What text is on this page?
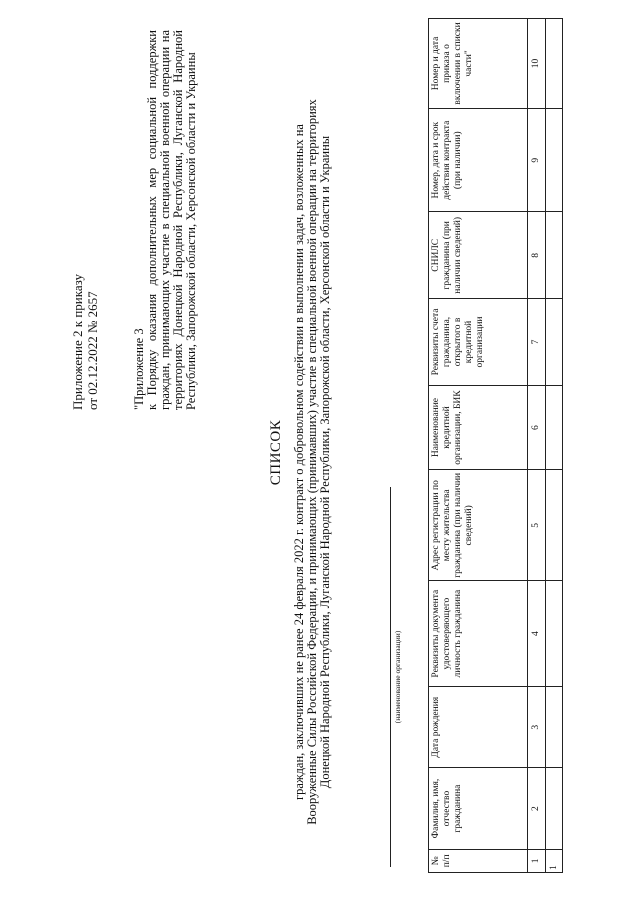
Приложение 2 к приказу от 02.12.2022 № 2657	"Приложение 3 к Порядку оказания дополнительных мер социальной поддержки граждан, принимающих участие в специальной военной операции на территориях Донецкой Народной Республики, Луганской Народной Республики, Запорожской области, Херсонской области и Украины
СПИСОК граждан, заключивших не ранее 24 февраля 2022 г. контракт о добровольном содействии в выполнении задач, возложенных на Вооруженные Силы Российской Федерации, и принимающих (принимавших) участие в специальной военной операции на территориях Донецкой Народной Республики, Луганской Народной Республики, Запорожской области, Херсонской области и Украины	(наименование организации)
№ п/п	Фамилия, имя, отчество гражданина	Дата рождения	Реквизиты документа удостоверяющего личность гражданина	Адрес регистрации по месту жительства гражданина (при наличии сведений)	Наименование кредитной организации, БИК	Реквизиты счета гражданина, открытого в кредитной организации	СНИЛС гражданина (при наличии сведений)	Номер, дата и срок действия контракта (при наличии)	Номер и дата приказа о включении в списки части"
1	2	3	4	5	6	7	8	9	10
1									
